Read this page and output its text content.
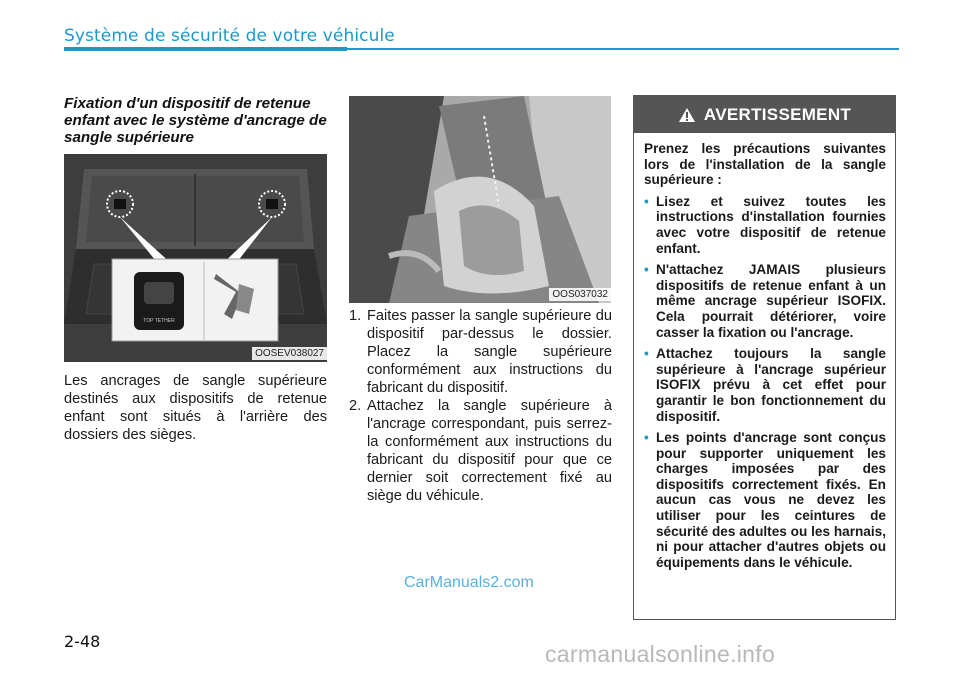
Système de sécurité de votre véhicule
Fixation d'un dispositif de retenue enfant avec le système d'ancrage de sangle supérieure
TOP TETHER
OOSEV038027
Les ancrages de sangle supérieure destinés aux dispositifs de retenue enfant sont situés à l'arrière des dossiers des sièges.
OOS037032
1. Faites passer la sangle supérieure du dispositif par-dessus le dossier. Placez la sangle supérieure conformément aux instructions du fabricant du dispositif.
2. Attachez la sangle supérieure à l'ancrage correspondant, puis serrez-la conformément aux instructions du fabricant du dispositif pour que ce dernier soit correctement fixé au siège du véhicule.
AVERTISSEMENT

Prenez les précautions suivantes lors de l'installation de la sangle supérieure :

• Lisez et suivez toutes les instructions d'installation fournies avec votre dispositif de retenue enfant.
• N'attachez JAMAIS plusieurs dispositifs de retenue enfant à un même ancrage supérieur ISOFIX. Cela pourrait détériorer, voire casser la fixation ou l'ancrage.
• Attachez toujours la sangle supérieure à l'ancrage supérieur ISOFIX prévu à cet effet pour garantir le bon fonctionnement du dispositif.
• Les points d'ancrage sont conçus pour supporter uniquement les charges imposées par des dispositifs correctement fixés. En aucun cas vous ne devez les utiliser pour les ceintures de sécurité des adultes ou les harnais, ni pour attacher d'autres objets ou équipements dans le véhicule.
2-48
CarManuals2.com
carmanualsonline.info
